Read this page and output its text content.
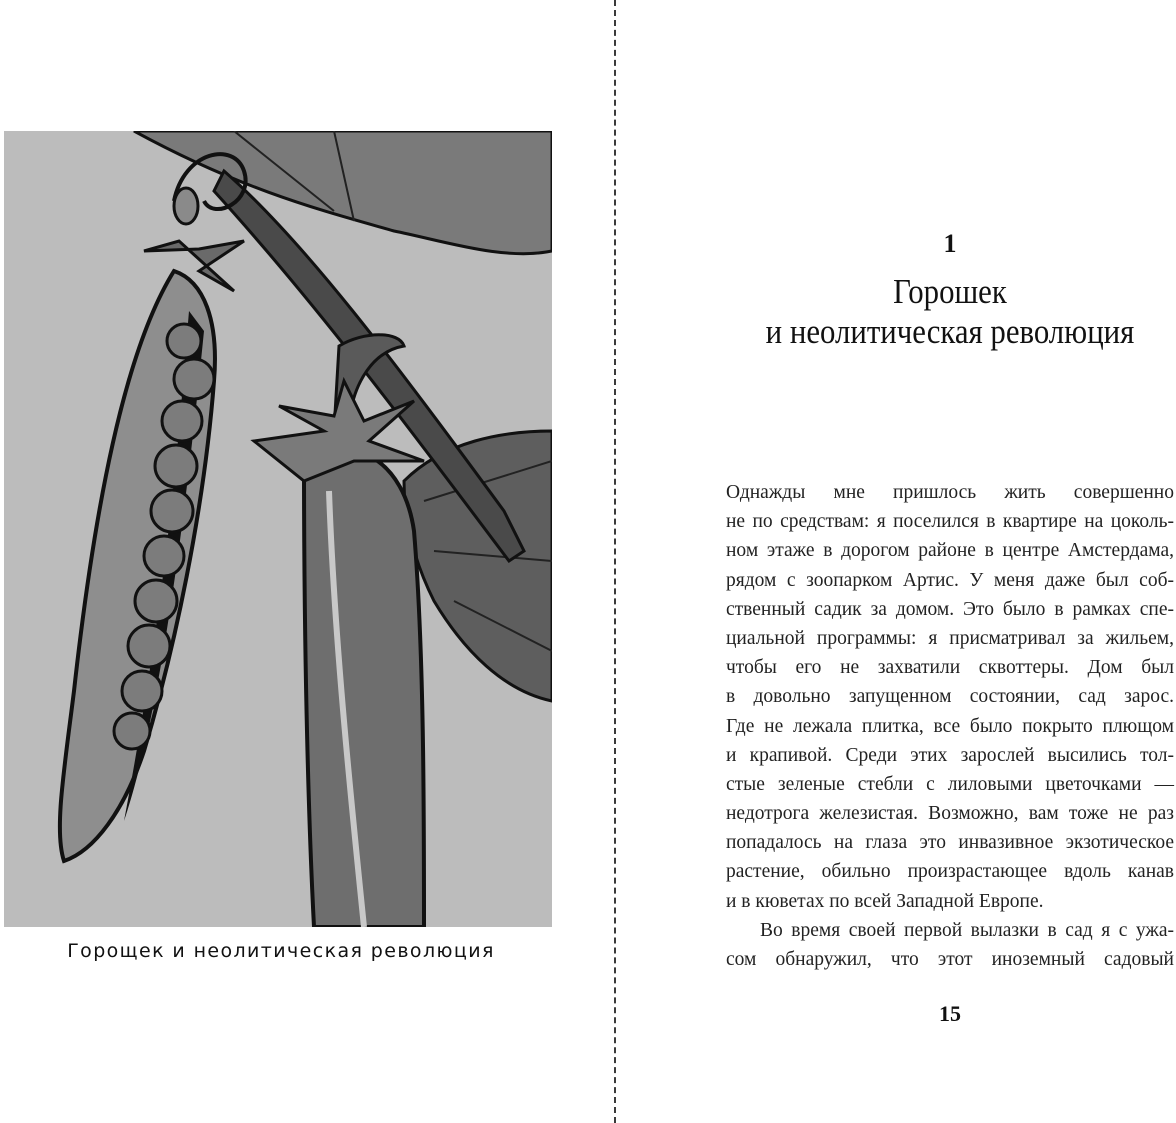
Горощек и неолитическая революция
1
Горошек
и неолитическая революция
Однажды мне пришлось жить совершенно
не по средствам: я поселился в квартире на цоколь-
ном этаже в дорогом районе в центре Амстердама,
рядом с зоопарком Артис. У меня даже был соб-
ственный садик за домом. Это было в рамках спе-
циальной программы: я присматривал за жильем,
чтобы его не захватили сквоттеры. Дом был
в довольно запущенном состоянии, сад зарос.
Где не лежала плитка, все было покрыто плющом
и крапивой. Среди этих зарослей высились тол-
стые зеленые стебли с лиловыми цветочками —
недотрога железистая. Возможно, вам тоже не раз
попадалось на глаза это инвазивное экзотическое
растение, обильно произрастающее вдоль канав
и в кюветах по всей Западной Европе.
Во время своей первой вылазки в сад я с ужа-
сом обнаружил, что этот иноземный садовый
15
